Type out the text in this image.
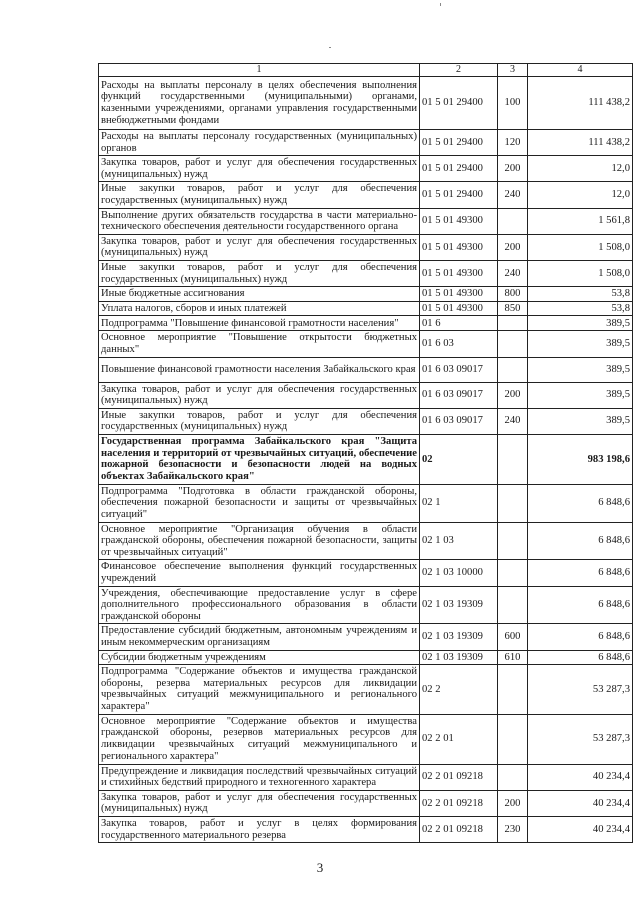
1	2	3	4
Расходы на выплаты персоналу в целях обеспечения выполнения функций государственными (муниципальными) органами, казенными учреждениями, органами управления государственными внебюджетными фондами	01 5 01 29400	100	111 438,2
Расходы на выплаты персоналу государственных (муниципальных) органов	01 5 01 29400	120	111 438,2
Закупка товаров, работ и услуг для обеспечения государственных (муниципальных) нужд	01 5 01 29400	200	12,0
Иные закупки товаров, работ и услуг для обеспечения государственных (муниципальных) нужд	01 5 01 29400	240	12,0
Выполнение других обязательств государства в части материально-технического обеспечения деятельности государственного органа	01 5 01 49300		1 561,8
Закупка товаров, работ и услуг для обеспечения государственных (муниципальных) нужд	01 5 01 49300	200	1 508,0
Иные закупки товаров, работ и услуг для обеспечения государственных (муниципальных) нужд	01 5 01 49300	240	1 508,0
Иные бюджетные ассигнования	01 5 01 49300	800	53,8
Уплата налогов, сборов и иных платежей	01 5 01 49300	850	53,8
Подпрограмма "Повышение финансовой грамотности населения"	01 6		389,5
Основное мероприятие "Повышение открытости бюджетных данных"	01 6 03		389,5
Повышение финансовой грамотности населения Забайкальского края	01 6 03 09017		389,5
Закупка товаров, работ и услуг для обеспечения государственных (муниципальных) нужд	01 6 03 09017	200	389,5
Иные закупки товаров, работ и услуг для обеспечения государственных (муниципальных) нужд	01 6 03 09017	240	389,5
Государственная программа Забайкальского края "Защита населения и территорий от чрезвычайных ситуаций, обеспечение пожарной безопасности и безопасности людей на водных объектах Забайкальского края"	02		983 198,6
Подпрограмма "Подготовка в области гражданской обороны, обеспечения пожарной безопасности и защиты от чрезвычайных ситуаций"	02 1		6 848,6
Основное мероприятие "Организация обучения в области гражданской обороны, обеспечения пожарной безопасности, защиты от чрезвычайных ситуаций"	02 1 03		6 848,6
Финансовое обеспечение выполнения функций государственных учреждений	02 1 03 10000		6 848,6
Учреждения, обеспечивающие предоставление услуг в сфере дополнительного профессионального образования в области гражданской обороны	02 1 03 19309		6 848,6
Предоставление субсидий бюджетным, автономным учреждениям и иным некоммерческим организациям	02 1 03 19309	600	6 848,6
Субсидии бюджетным учреждениям	02 1 03 19309	610	6 848,6
Подпрограмма "Содержание объектов и имущества гражданской обороны, резерва материальных ресурсов для ликвидации чрезвычайных ситуаций межмуниципального и регионального характера"	02 2		53 287,3
Основное мероприятие "Содержание объектов и имущества гражданской обороны, резервов материальных ресурсов для ликвидации чрезвычайных ситуаций межмуниципального и регионального характера"	02 2 01		53 287,3
Предупреждение и ликвидация последствий чрезвычайных ситуаций и стихийных бедствий природного и техногенного характера	02 2 01 09218		40 234,4
Закупка товаров, работ и услуг для обеспечения государственных (муниципальных) нужд	02 2 01 09218	200	40 234,4
Закупка товаров, работ и услуг в целях формирования государственного материального резерва	02 2 01 09218	230	40 234,4
3
